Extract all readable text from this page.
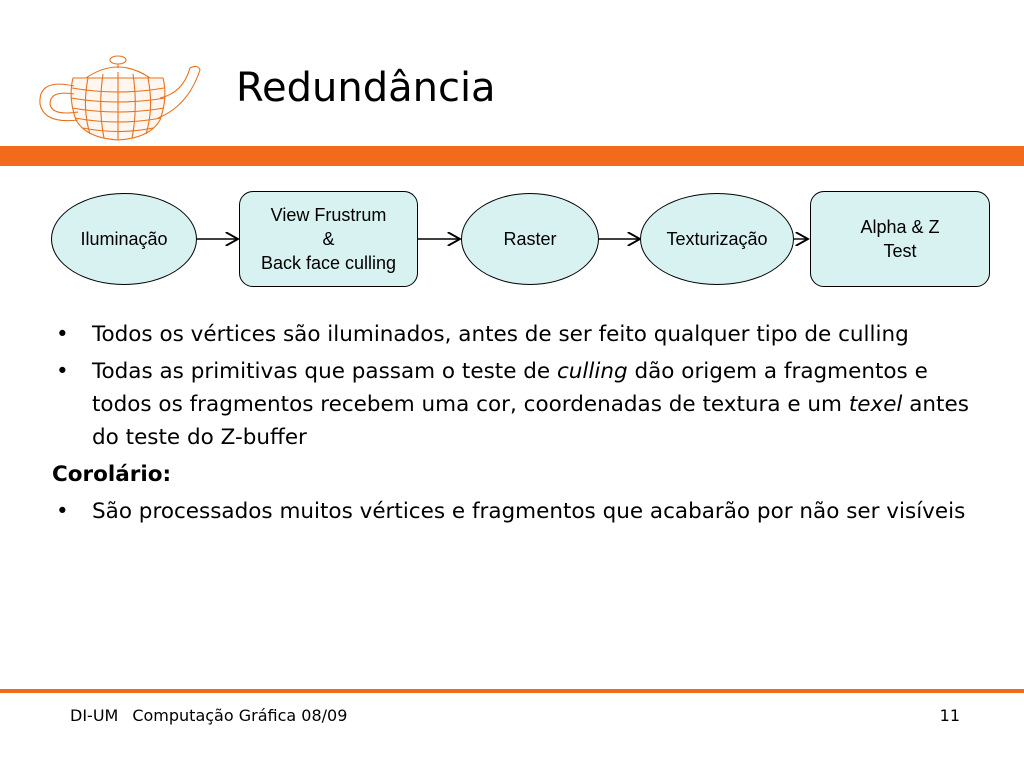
Redundância
Iluminação
View Frustrum
&
Back face culling
Raster	Texturização
Alpha & Z
Test
• Todos os vértices são iluminados, antes de ser feito qualquer tipo de culling
• Todas as primitivas que passam o teste de culling dão origem a fragmentos e todos os fragmentos recebem uma cor, coordenadas de textura e um texel antes do teste do Z-buffer
Corolário:
• São processados muitos vértices e fragmentos que acabarão por não ser visíveis
DI-UM Computação Gráfica 08/09	11
